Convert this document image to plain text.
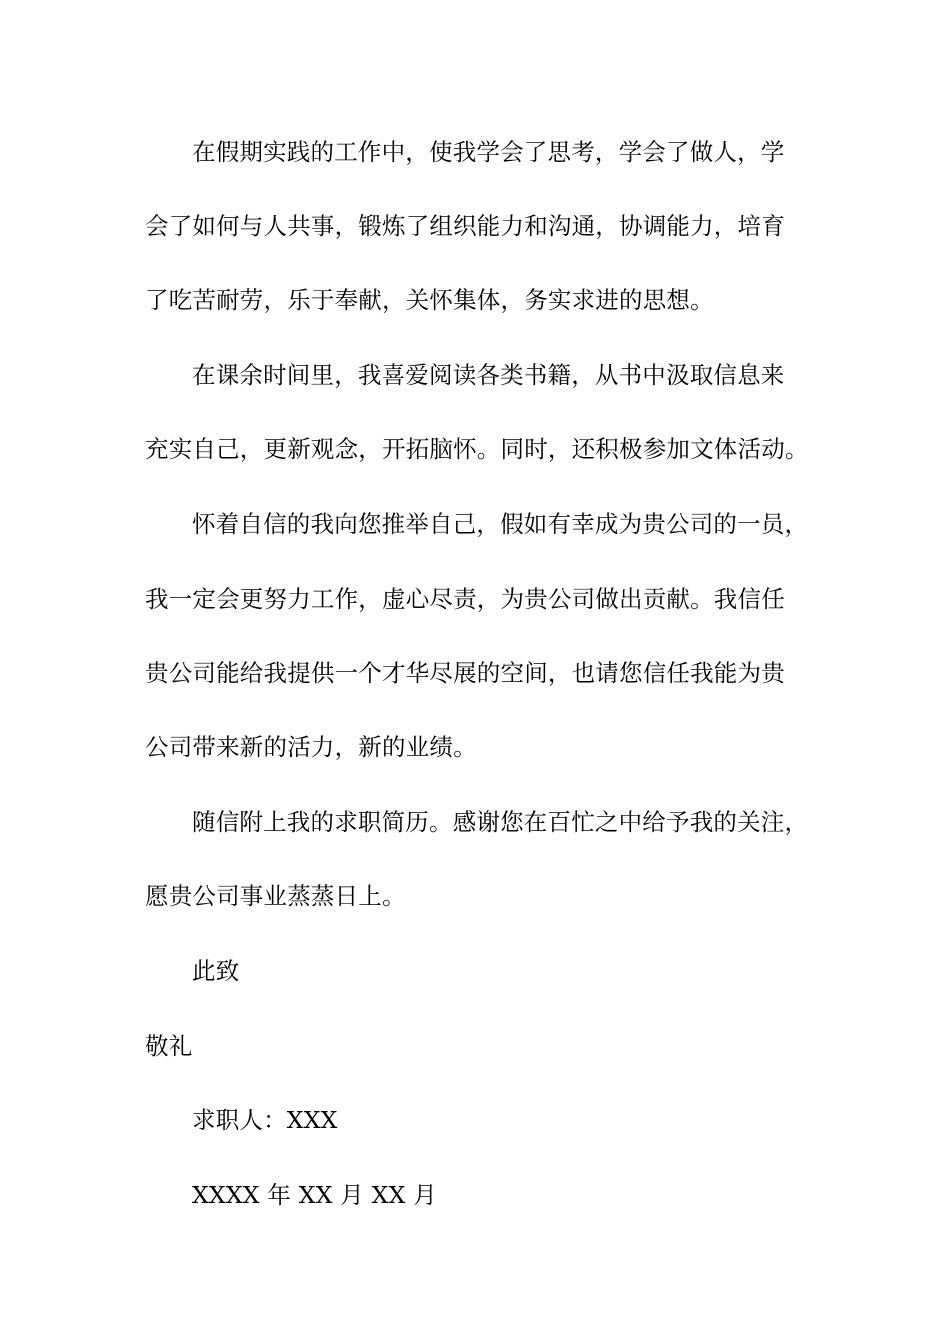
在假期实践的工作中，使我学会了思考，学会了做人，学
会了如何与人共事，锻炼了组织能力和沟通，协调能力，培育
了吃苦耐劳，乐于奉献，关怀集体，务实求进的思想。
在课余时间里，我喜爱阅读各类书籍，从书中汲取信息来
充实自己，更新观念，开拓脑怀。同时，还积极参加文体活动。
怀着自信的我向您推举自己，假如有幸成为贵公司的一员，
我一定会更努力工作，虚心尽责，为贵公司做出贡献。我信任
贵公司能给我提供一个才华尽展的空间，也请您信任我能为贵
公司带来新的活力，新的业绩。
随信附上我的求职简历。感谢您在百忙之中给予我的关注，
愿贵公司事业蒸蒸日上。
此致
敬礼
求职人：XXX
XXXX 年 XX 月 XX 月
